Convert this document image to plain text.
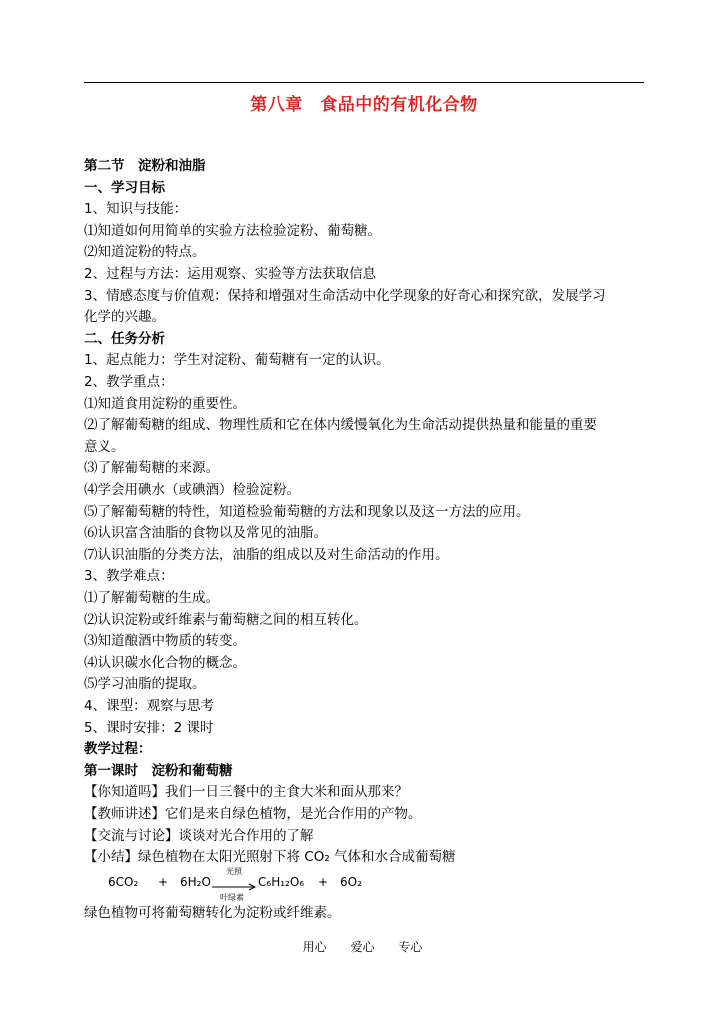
第八章　食品中的有机化合物
第二节　淀粉和油脂
一、学习目标
1、知识与技能：
⑴知道如何用简单的实验方法检验淀粉、葡萄糖。
⑵知道淀粉的特点。
2、过程与方法：运用观察、实验等方法获取信息
3、情感态度与价值观：保持和增强对生命活动中化学现象的好奇心和探究欲，发展学习
化学的兴趣。
二、任务分析
1、起点能力：学生对淀粉、葡萄糖有一定的认识。
2、教学重点：
⑴知道食用淀粉的重要性。
⑵了解葡萄糖的组成、物理性质和它在体内缓慢氧化为生命活动提供热量和能量的重要
意义。
⑶了解葡萄糖的来源。
⑷学会用碘水（或碘酒）检验淀粉。
⑸了解葡萄糖的特性，知道检验葡萄糖的方法和现象以及这一方法的应用。
⑹认识富含油脂的食物以及常见的油脂。
⑺认识油脂的分类方法，油脂的组成以及对生命活动的作用。
3、教学难点：
⑴了解葡萄糖的生成。
⑵认识淀粉或纤维素与葡萄糖之间的相互转化。
⑶知道酿酒中物质的转变。
⑷认识碳水化合物的概念。
⑸学习油脂的提取。
4、课型：观察与思考
5、课时安排：2 课时
教学过程：
第一课时　淀粉和葡萄糖
【你知道吗】我们一日三餐中的主食大米和面从那来？
【教师讲述】它们是来自绿色植物，是光合作用的产物。
【交流与讨论】谈谈对光合作用的了解
【小结】绿色植物在太阳光照射下将 CO₂ 气体和水合成葡萄糖
6CO₂ + 6H₂O
光照
叶绿素
C₆H₁₂O₆ + 6O₂
绿色植物可将葡萄糖转化为淀粉或纤维素。
用心 爱心 专心
